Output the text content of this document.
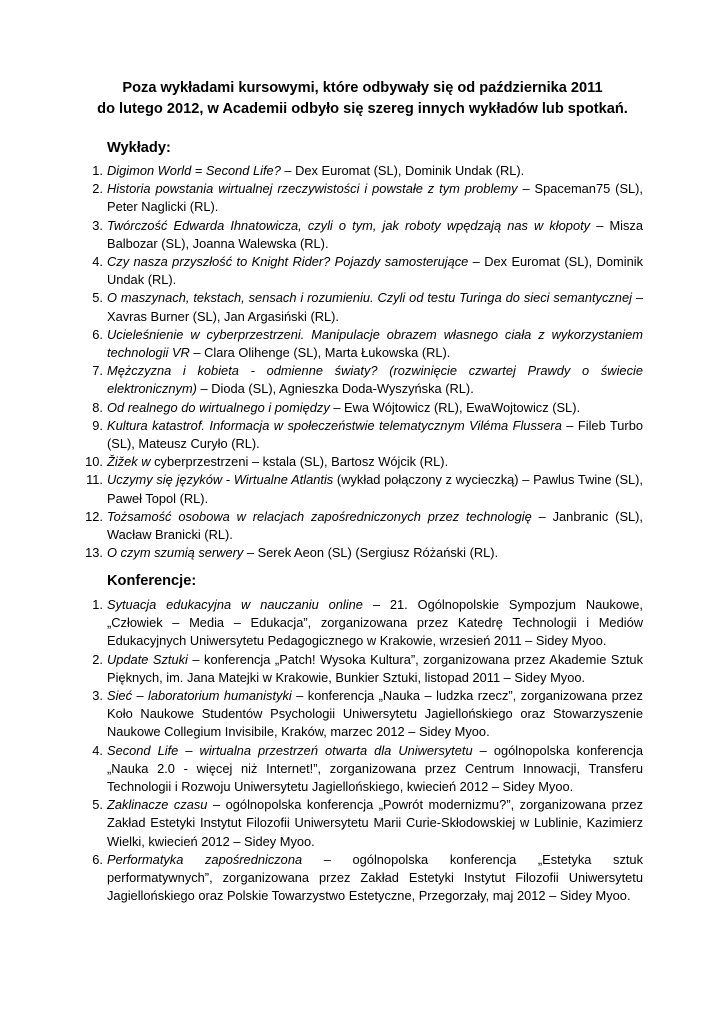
Poza wykładami kursowymi, które odbywały się od października 2011
do lutego 2012, w Academii odbyło się szereg innych wykładów lub spotkań.
Wykłady:
1. Digimon World = Second Life? – Dex Euromat (SL), Dominik Undak (RL).
2. Historia powstania wirtualnej rzeczywistości i powstałe z tym problemy – Spaceman75 (SL), Peter Naglicki (RL).
3. Twórczość Edwarda Ihnatowicza, czyli o tym, jak roboty wpędzają nas w kłopoty – Misza Balbozar (SL), Joanna Walewska (RL).
4. Czy nasza przyszłość to Knight Rider? Pojazdy samosterujące – Dex Euromat (SL), Dominik Undak (RL).
5. O maszynach, tekstach, sensach i rozumieniu. Czyli od testu Turinga do sieci semantycznej – Xavras Burner (SL), Jan Argasiński (RL).
6. Ucieleśnienie w cyberprzestrzeni. Manipulacje obrazem własnego ciała z wykorzystaniem technologii VR – Clara Olihenge (SL), Marta Łukowska (RL).
7. Mężczyzna i kobieta - odmienne światy? (rozwinięcie czwartej Prawdy o świecie elektronicznym) – Dioda (SL), Agnieszka Doda-Wyszyńska (RL).
8. Od realnego do wirtualnego i pomiędzy – Ewa Wójtowicz (RL), EwaWojtowicz (SL).
9. Kultura katastrof. Informacja w społeczeństwie telematycznym Viléma Flussera – Fileb Turbo (SL), Mateusz Curyło (RL).
10. Žižek w cyberprzestrzeni – kstala (SL), Bartosz Wójcik (RL).
11. Uczymy się języków - Wirtualne Atlantis (wykład połączony z wycieczką) – Pawlus Twine (SL), Paweł Topol (RL).
12. Tożsamość osobowa w relacjach zapośredniczonych przez technologię – Janbranic (SL), Wacław Branicki (RL).
13. O czym szumią serwery – Serek Aeon (SL) (Sergiusz Różański (RL).
Konferencje:
1. Sytuacja edukacyjna w nauczaniu online – 21. Ogólnopolskie Sympozjum Naukowe, „Człowiek – Media – Edukacja”, zorganizowana przez Katedrę Technologii i Mediów Edukacyjnych Uniwersytetu Pedagogicznego w Krakowie, wrzesień 2011 – Sidey Myoo.
2. Update Sztuki – konferencja „Patch! Wysoka Kultura”, zorganizowana przez Akademie Sztuk Pięknych, im. Jana Matejki w Krakowie, Bunkier Sztuki, listopad 2011 – Sidey Myoo.
3. Sieć – laboratorium humanistyki – konferencja „Nauka – ludzka rzecz”, zorganizowana przez Koło Naukowe Studentów Psychologii Uniwersytetu Jagiellońskiego oraz Stowarzyszenie Naukowe Collegium Invisibile, Kraków, marzec 2012 – Sidey Myoo.
4. Second Life – wirtualna przestrzeń otwarta dla Uniwersytetu – ogólnopolska konferencja „Nauka 2.0 - więcej niż Internet!”, zorganizowana przez Centrum Innowacji, Transferu Technologii i Rozwoju Uniwersytetu Jagiellońskiego, kwiecień 2012 – Sidey Myoo.
5. Zaklinacze czasu – ogólnopolska konferencja „Powrót modernizmu?”, zorganizowana przez Zakład Estetyki Instytut Filozofii Uniwersytetu Marii Curie-Skłodowskiej w Lublinie, Kazimierz Wielki, kwiecień 2012 – Sidey Myoo.
6. Performatyka zapośredniczona – ogólnopolska konferencja „Estetyka sztuk performatywnych”, zorganizowana przez Zakład Estetyki Instytut Filozofii Uniwersytetu Jagiellońskiego oraz Polskie Towarzystwo Estetyczne, Przegorzały, maj 2012 – Sidey Myoo.
